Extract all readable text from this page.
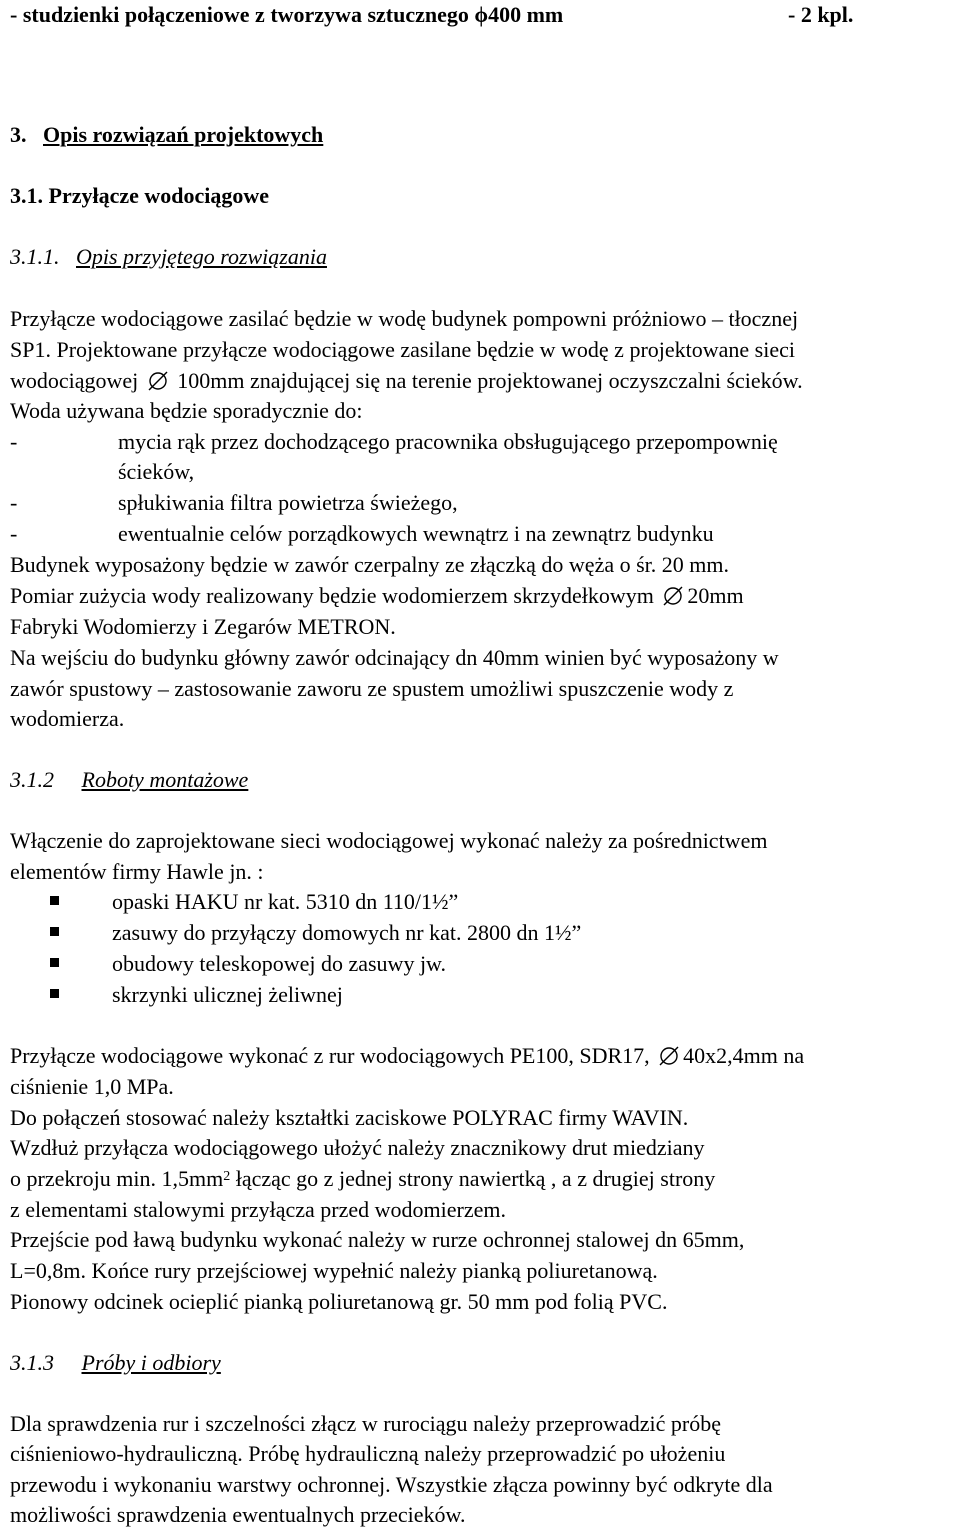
- studzienki połączeniowe z tworzywa sztucznego ϕ400 mm	- 2 kpl.
3. Opis rozwiązań projektowych
3.1. Przyłącze wodociągowe
3.1.1. Opis przyjętego rozwiązania
Przyłącze wodociągowe zasilać będzie w wodę budynek pompowni próżniowo – tłocznej
SP1. Projektowane przyłącze wodociągowe zasilane będzie w wodę z projektowane sieci
wodociągowej 100mm znajdującej się na terenie projektowanej oczyszczalni ścieków.
Woda używana będzie sporadycznie do:
-	mycia rąk przez dochodzącego pracownika obsługującego przepompownię
ścieków,
-	spłukiwania filtra powietrza świeżego,
-	ewentualnie celów porządkowych wewnątrz i na zewnątrz budynku
Budynek wyposażony będzie w zawór czerpalny ze złączką do węża o śr. 20 mm.
Pomiar zużycia wody realizowany będzie wodomierzem skrzydełkowym 20mm
Fabryki Wodomierzy i Zegarów METRON.
Na wejściu do budynku główny zawór odcinający dn 40mm winien być wyposażony w
zawór spustowy – zastosowanie zaworu ze spustem umożliwi spuszczenie wody z
wodomierza.
3.1.2 Roboty montażowe
Włączenie do zaprojektowane sieci wodociągowej wykonać należy za pośrednictwem
elementów firmy Hawle jn. :
opaski HAKU nr kat. 5310 dn 110/1½”
zasuwy do przyłączy domowych nr kat. 2800 dn 1½”
obudowy teleskopowej do zasuwy jw.
skrzynki ulicznej żeliwnej
Przyłącze wodociągowe wykonać z rur wodociągowych PE100, SDR17, 40x2,4mm na
ciśnienie 1,0 MPa.
Do połączeń stosować należy kształtki zaciskowe POLYRAC firmy WAVIN.
Wzdłuż przyłącza wodociągowego ułożyć należy znacznikowy drut miedziany
o przekroju min. $1,5mm^2$ łącząc go z jednej strony nawiertką , a z drugiej strony
z elementami stalowymi przyłącza przed wodomierzem.
Przejście pod ławą budynku wykonać należy w rurze ochronnej stalowej dn 65mm,
L=0,8m. Końce rury przejściowej wypełnić należy pianką poliuretanową.
Pionowy odcinek ocieplić pianką poliuretanową gr. 50 mm pod folią PVC.
3.1.3 Próby i odbiory
Dla sprawdzenia rur i szczelności złącz w rurociągu należy przeprowadzić próbę
ciśnieniowo-hydrauliczną. Próbę hydrauliczną należy przeprowadzić po ułożeniu
przewodu i wykonaniu warstwy ochronnej. Wszystkie złącza powinny być odkryte dla
możliwości sprawdzenia ewentualnych przecieków.
